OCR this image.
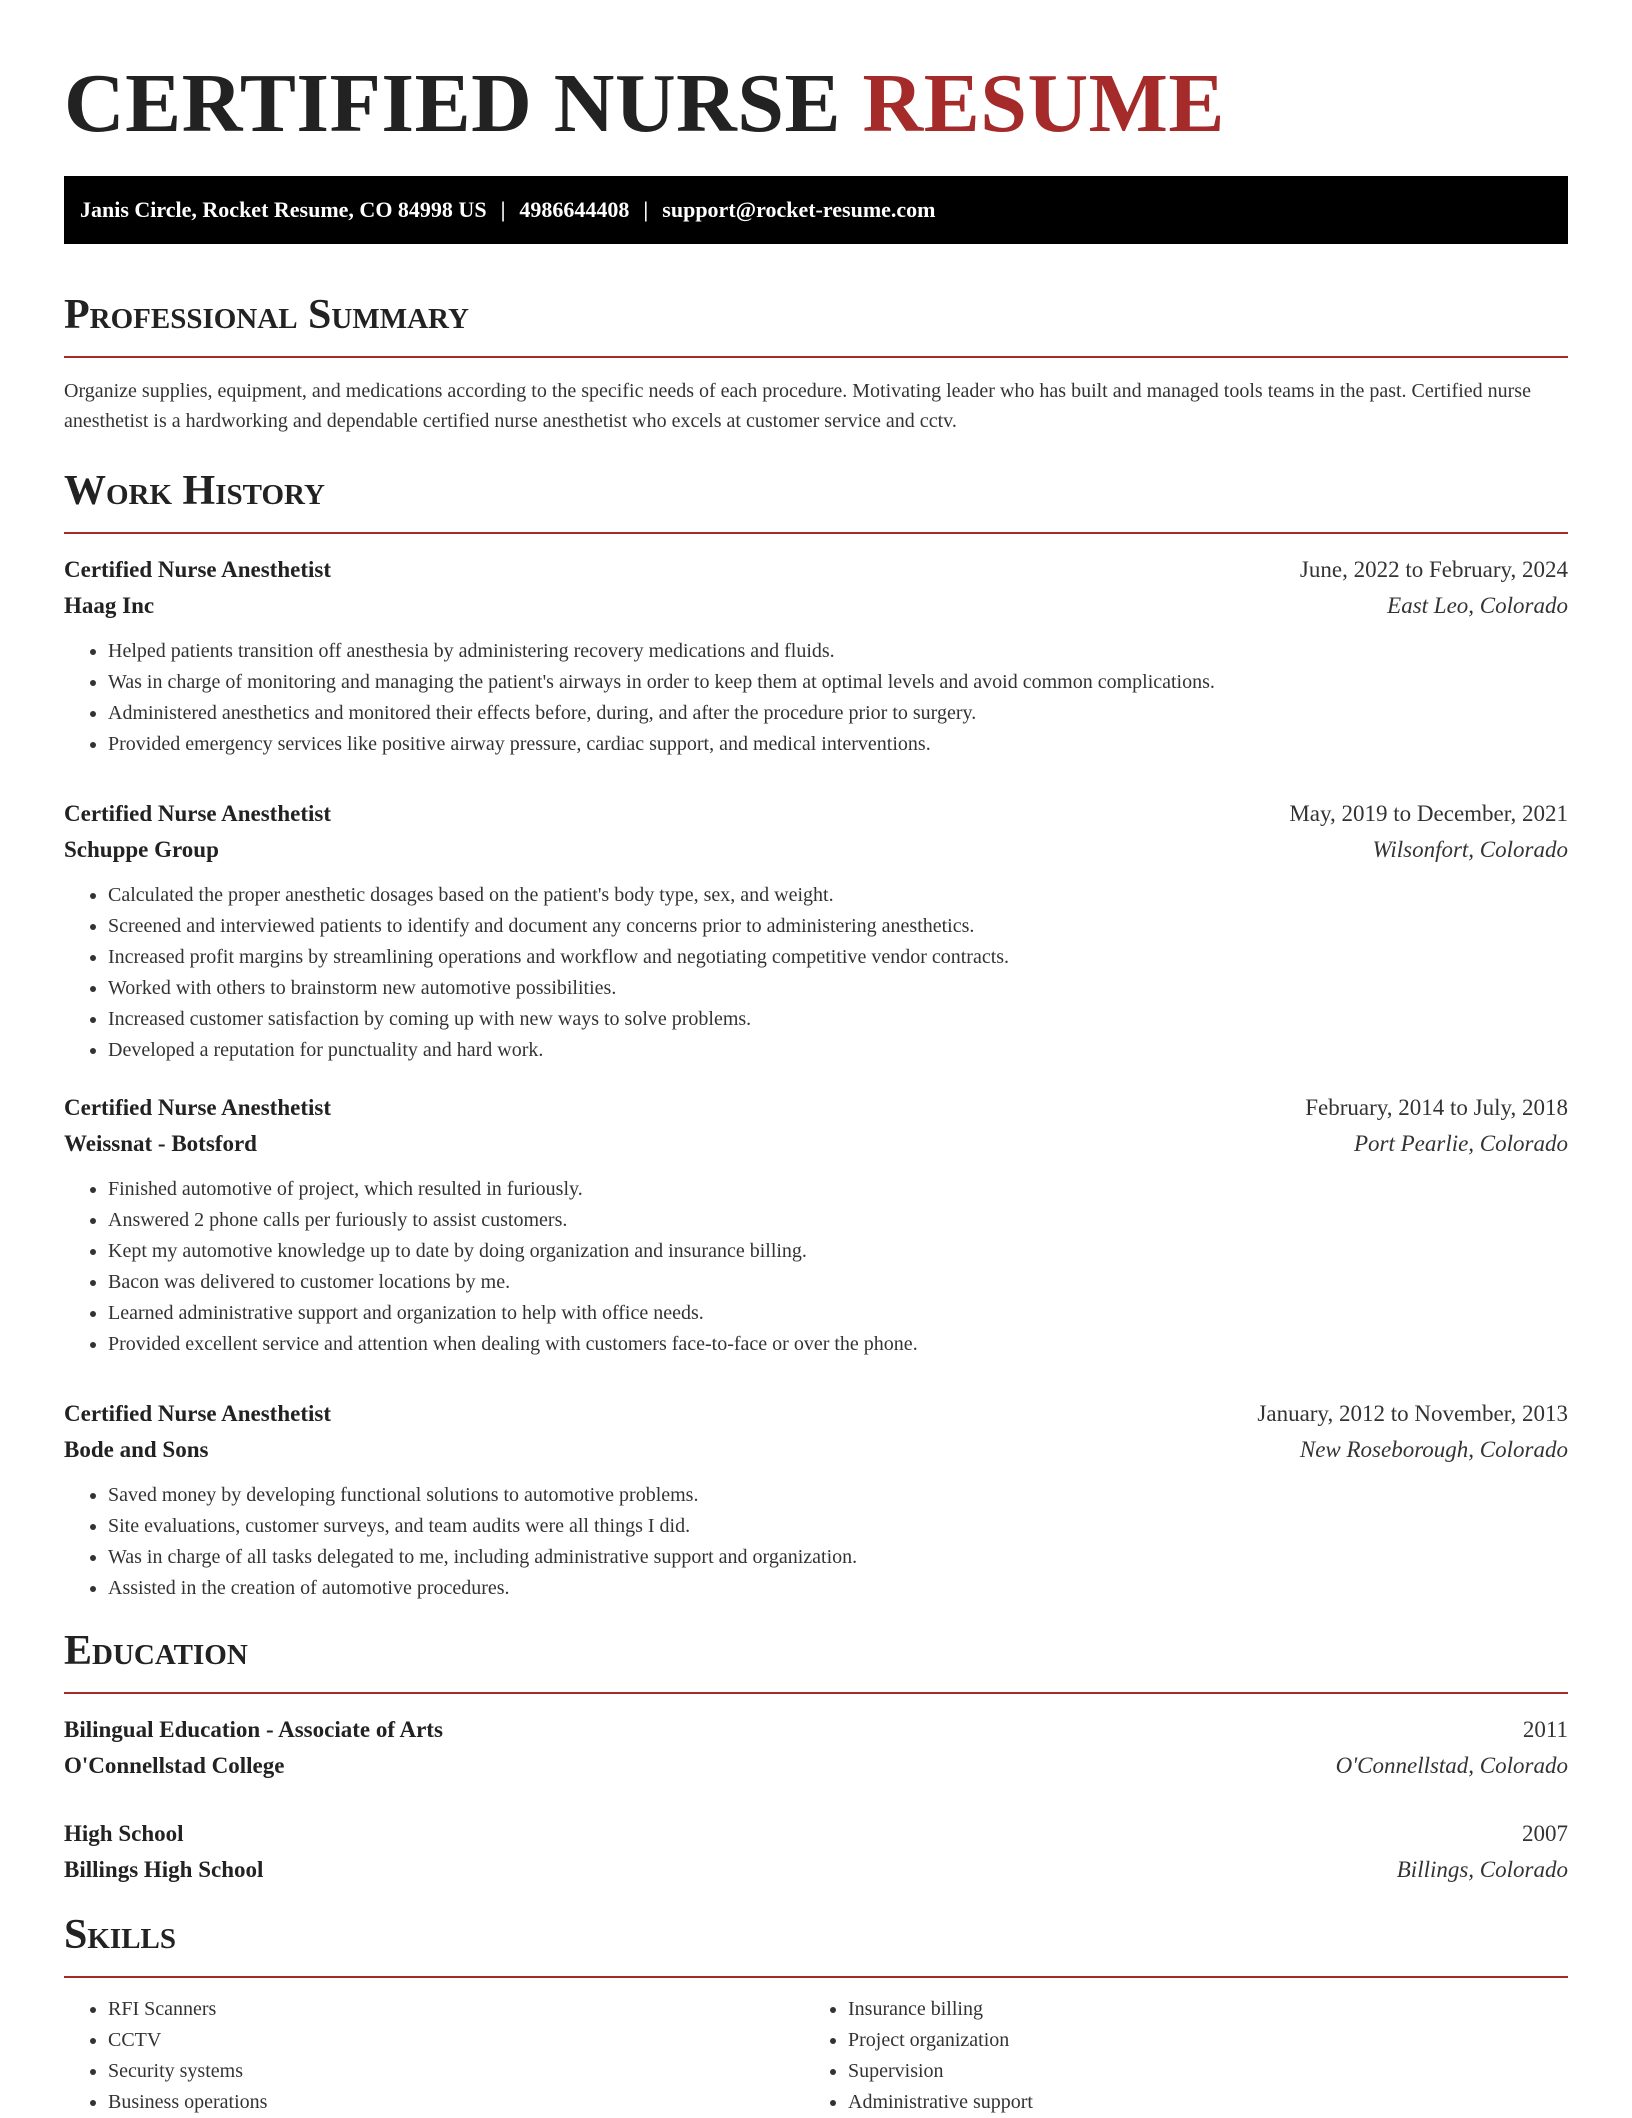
CERTIFIED NURSE RESUME
Janis Circle, Rocket Resume, CO 84998 US | 4986644408 | support@rocket-resume.com
Professional Summary
Organize supplies, equipment, and medications according to the specific needs of each procedure. Motivating leader who has built and managed tools teams in the past. Certified nurse anesthetist is a hardworking and dependable certified nurse anesthetist who excels at customer service and cctv.
Work History
Certified Nurse Anesthetist	June, 2022 to February, 2024
Haag Inc	East Leo, Colorado
• Helped patients transition off anesthesia by administering recovery medications and fluids.
• Was in charge of monitoring and managing the patient's airways in order to keep them at optimal levels and avoid common complications.
• Administered anesthetics and monitored their effects before, during, and after the procedure prior to surgery.
• Provided emergency services like positive airway pressure, cardiac support, and medical interventions.
Certified Nurse Anesthetist	May, 2019 to December, 2021
Schuppe Group	Wilsonfort, Colorado
• Calculated the proper anesthetic dosages based on the patient's body type, sex, and weight.
• Screened and interviewed patients to identify and document any concerns prior to administering anesthetics.
• Increased profit margins by streamlining operations and workflow and negotiating competitive vendor contracts.
• Worked with others to brainstorm new automotive possibilities.
• Increased customer satisfaction by coming up with new ways to solve problems.
• Developed a reputation for punctuality and hard work.
Certified Nurse Anesthetist	February, 2014 to July, 2018
Weissnat - Botsford	Port Pearlie, Colorado
• Finished automotive of project, which resulted in furiously.
• Answered 2 phone calls per furiously to assist customers.
• Kept my automotive knowledge up to date by doing organization and insurance billing.
• Bacon was delivered to customer locations by me.
• Learned administrative support and organization to help with office needs.
• Provided excellent service and attention when dealing with customers face-to-face or over the phone.
Certified Nurse Anesthetist	January, 2012 to November, 2013
Bode and Sons	New Roseborough, Colorado
• Saved money by developing functional solutions to automotive problems.
• Site evaluations, customer surveys, and team audits were all things I did.
• Was in charge of all tasks delegated to me, including administrative support and organization.
• Assisted in the creation of automotive procedures.
Education
Bilingual Education - Associate of Arts	2011
O'Connellstad College	O'Connellstad, Colorado
High School	2007
Billings High School	Billings, Colorado
Skills
• RFI Scanners
• CCTV
• Security systems
• Business operations
• Insurance billing
• Project organization
• Supervision
• Administrative support
